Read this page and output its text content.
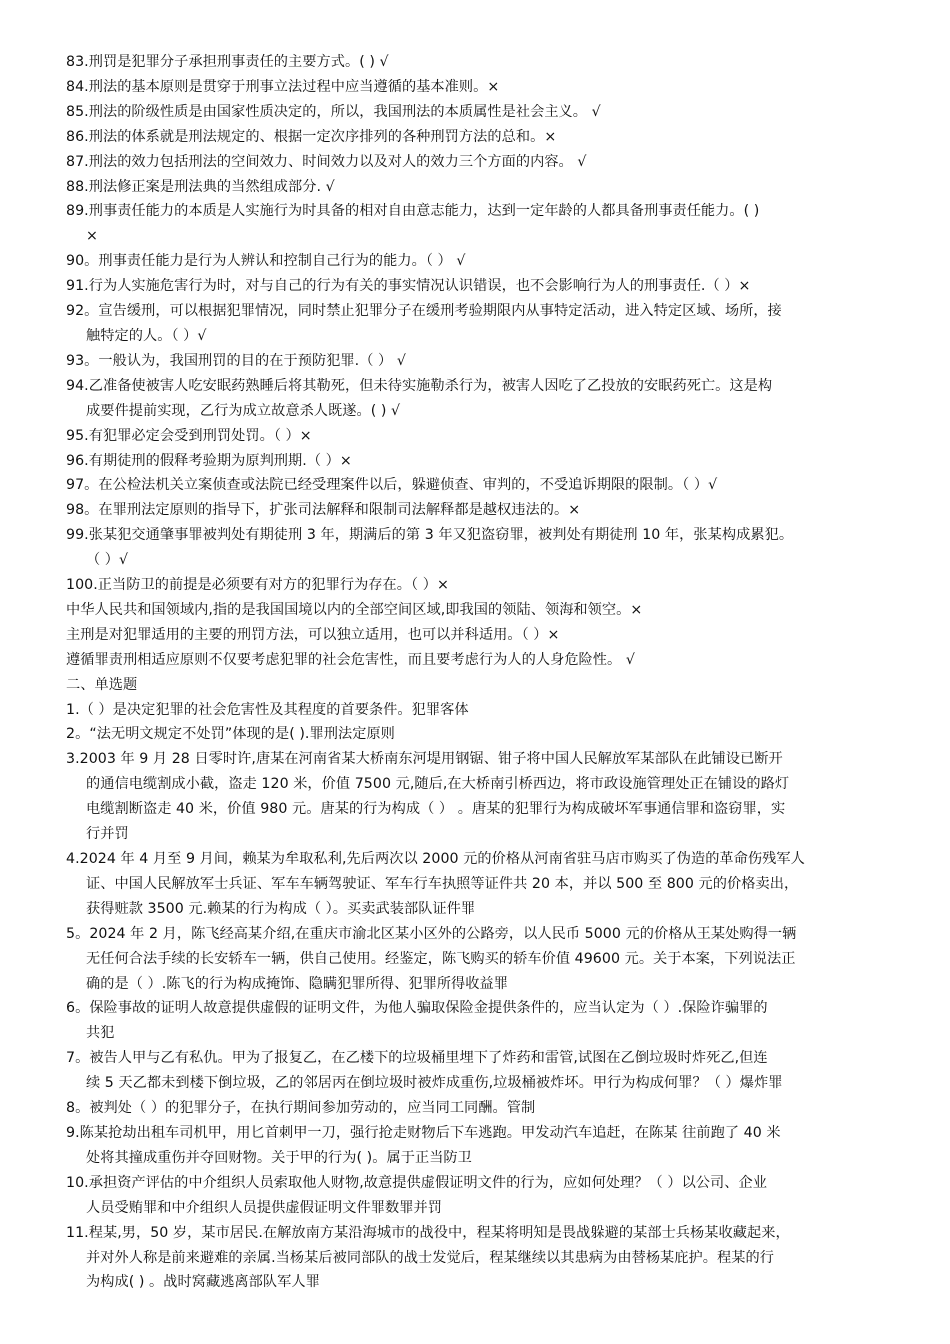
83.刑罚是犯罪分子承担刑事责任的主要方式。( ) √
84.刑法的基本原则是贯穿于刑事立法过程中应当遵循的基本准则。×
85.刑法的阶级性质是由国家性质决定的，所以，我国刑法的本质属性是社会主义。 √
86.刑法的体系就是刑法规定的、根据一定次序排列的各种刑罚方法的总和。×
87.刑法的效力包括刑法的空间效力、时间效力以及对人的效力三个方面的内容。 √
88.刑法修正案是刑法典的当然组成部分. √
89.刑事责任能力的本质是人实施行为时具备的相对自由意志能力，达到一定年龄的人都具备刑事责任能力。( )
×
90。刑事责任能力是行为人辨认和控制自己行为的能力。（ ） √
91.行为人实施危害行为时，对与自己的行为有关的事实情况认识错误，也不会影响行为人的刑事责任.（ ）×
92。宣告缓刑，可以根据犯罪情况，同时禁止犯罪分子在缓刑考验期限内从事特定活动，进入特定区域、场所，接
触特定的人。（ ）√
93。一般认为，我国刑罚的目的在于预防犯罪.（ ） √
94.乙准备使被害人吃安眠药熟睡后将其勒死，但未待实施勒杀行为，被害人因吃了乙投放的安眠药死亡。这是构
成要件提前实现，乙行为成立故意杀人既遂。( ) √
95.有犯罪必定会受到刑罚处罚。（ ）×
96.有期徒刑的假释考验期为原判刑期.（ ）×
97。在公检法机关立案侦查或法院已经受理案件以后，躲避侦查、审判的，不受追诉期限的限制。（ ）√
98。在罪刑法定原则的指导下，扩张司法解释和限制司法解释都是越权违法的。×
99.张某犯交通肇事罪被判处有期徒刑 3 年，期满后的第 3 年又犯盗窃罪，被判处有期徒刑 10 年，张某构成累犯。
（ ）√
100.正当防卫的前提是必须要有对方的犯罪行为存在。（ ）×
中华人民共和国领域内,指的是我国国境以内的全部空间区域,即我国的领陆、领海和领空。×
主刑是对犯罪适用的主要的刑罚方法，可以独立适用，也可以并科适用。（ ）×
遵循罪责刑相适应原则不仅要考虑犯罪的社会危害性，而且要考虑行为人的人身危险性。 √
二、单选题
1.（ ）是决定犯罪的社会危害性及其程度的首要条件。犯罪客体
2。“法无明文规定不处罚”体现的是( ).罪刑法定原则
3.2003 年 9 月 28 日零时许,唐某在河南省某大桥南东河堤用钢锯、钳子将中国人民解放军某部队在此铺设已断开
的通信电缆割成小截，盗走 120 米，价值 7500 元,随后,在大桥南引桥西边，将市政设施管理处正在铺设的路灯
电缆割断盗走 40 米，价值 980 元。唐某的行为构成（ ） 。唐某的犯罪行为构成破坏军事通信罪和盗窃罪，实
行并罚
4.2024 年 4 月至 9 月间，赖某为牟取私利,先后两次以 2000 元的价格从河南省驻马店市购买了伪造的革命伤残军人
证、中国人民解放军士兵证、军车车辆驾驶证、军车行车执照等证件共 20 本，并以 500 至 800 元的价格卖出，
获得赃款 3500 元.赖某的行为构成（ ）。买卖武装部队证件罪
5。2024 年 2 月，陈飞经高某介绍,在重庆市渝北区某小区外的公路旁，以人民币 5000 元的价格从王某处购得一辆
无任何合法手续的长安轿车一辆，供自己使用。经鉴定，陈飞购买的轿车价值 49600 元。关于本案，下列说法正
确的是（ ）.陈飞的行为构成掩饰、隐瞒犯罪所得、犯罪所得收益罪
6。保险事故的证明人故意提供虚假的证明文件，为他人骗取保险金提供条件的，应当认定为（ ）.保险诈骗罪的
共犯
7。被告人甲与乙有私仇。甲为了报复乙，在乙楼下的垃圾桶里埋下了炸药和雷管,试图在乙倒垃圾时炸死乙,但连
续 5 天乙都未到楼下倒垃圾，乙的邻居丙在倒垃圾时被炸成重伤,垃圾桶被炸坏。甲行为构成何罪？（ ）爆炸罪
8。被判处（ ）的犯罪分子，在执行期间参加劳动的，应当同工同酬。管制
9.陈某抢劫出租车司机甲，用匕首刺甲一刀，强行抢走财物后下车逃跑。甲发动汽车追赶，在陈某 往前跑了 40 米
处将其撞成重伤并夺回财物。关于甲的行为( )。属于正当防卫
10.承担资产评估的中介组织人员索取他人财物,故意提供虚假证明文件的行为，应如何处理？（ ）以公司、企业
人员受贿罪和中介组织人员提供虚假证明文件罪数罪并罚
11.程某,男，50 岁，某市居民.在解放南方某沿海城市的战役中，程某将明知是畏战躲避的某部士兵杨某收藏起来，
并对外人称是前来避难的亲属.当杨某后被同部队的战士发觉后，程某继续以其患病为由替杨某庇护。程某的行
为构成( ) 。战时窝藏逃离部队军人罪
